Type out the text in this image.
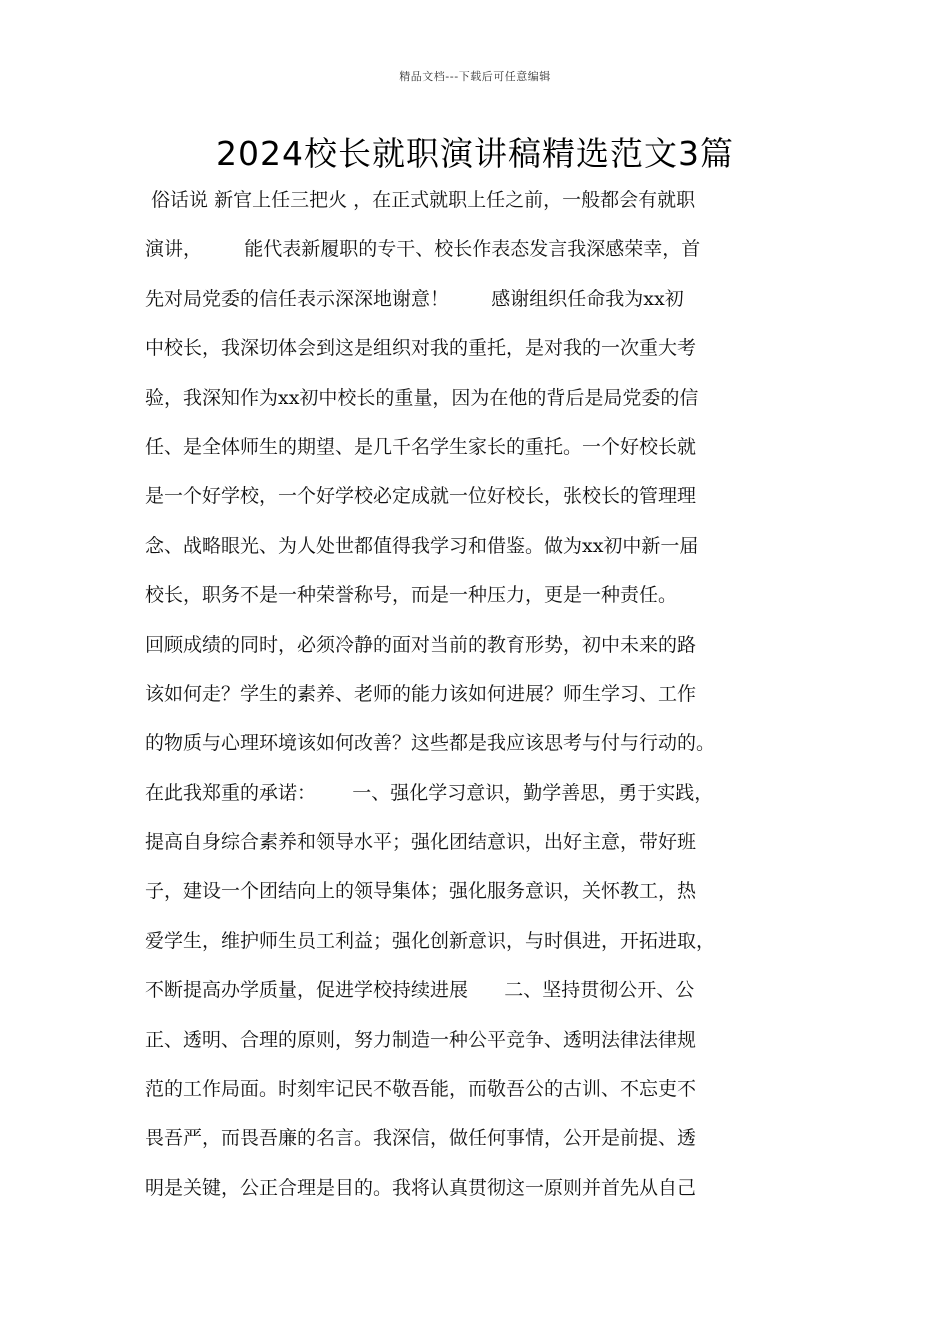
精品文档---下载后可任意编辑
2024校长就职演讲稿精选范文3篇
俗话说 新官上任三把火 ，在正式就职上任之前，一般都会有就职
演讲，       能代表新履职的专干、校长作表态发言我深感荣幸，首
先对局党委的信任表示深深地谢意！       感谢组织任命我为xx初
中校长，我深切体会到这是组织对我的重托，是对我的一次重大考
验，我深知作为xx初中校长的重量，因为在他的背后是局党委的信
任、是全体师生的期望、是几千名学生家长的重托。一个好校长就
是一个好学校，一个好学校必定成就一位好校长，张校长的管理理
念、战略眼光、为人处世都值得我学习和借鉴。做为xx初中新一届
校长，职务不是一种荣誉称号，而是一种压力，更是一种责任。
回顾成绩的同时，必须冷静的面对当前的教育形势，初中未来的路
该如何走？学生的素养、老师的能力该如何进展？师生学习、工作
的物质与心理环境该如何改善？这些都是我应该思考与付与行动的。
在此我郑重的承诺：      一、强化学习意识，勤学善思，勇于实践，
提高自身综合素养和领导水平；强化团结意识，出好主意，带好班
子，建设一个团结向上的领导集体；强化服务意识，关怀教工，热
爱学生，维护师生员工利益；强化创新意识，与时俱进，开拓进取，
不断提高办学质量，促进学校持续进展      二、坚持贯彻公开、公
正、透明、合理的原则，努力制造一种公平竞争、透明法律法律规
范的工作局面。时刻牢记民不敬吾能，而敬吾公的古训、不忘吏不
畏吾严，而畏吾廉的名言。我深信，做任何事情，公开是前提、透
明是关键，公正合理是目的。我将认真贯彻这一原则并首先从自己
